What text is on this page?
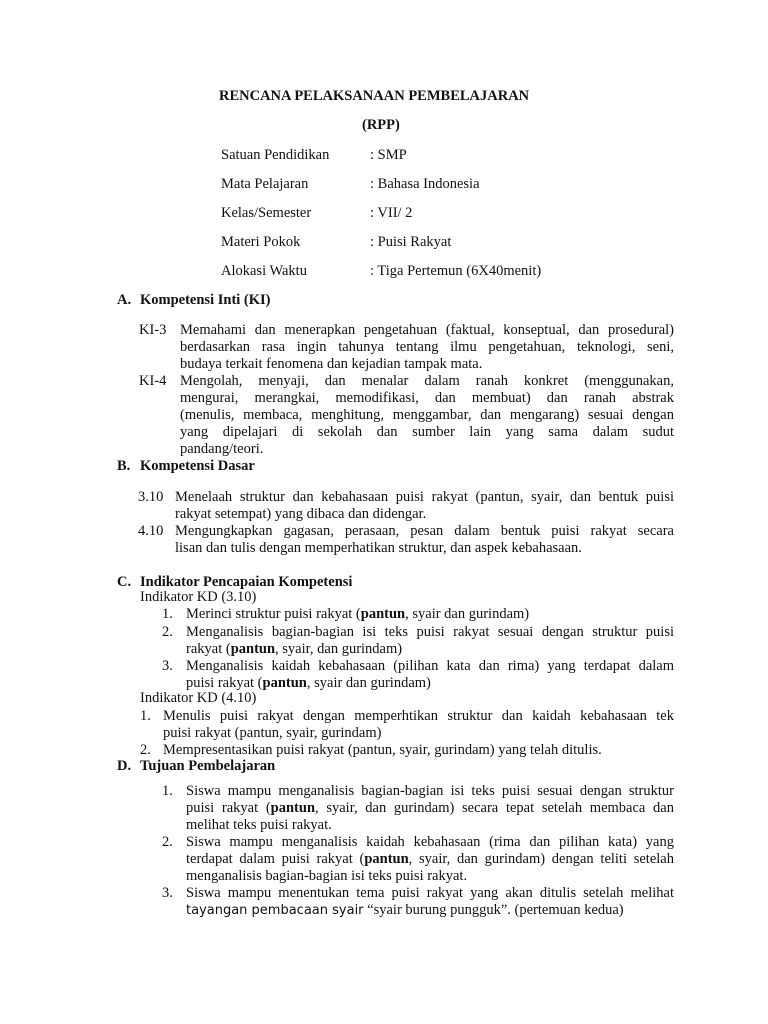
RENCANA PELAKSANAAN PEMBELAJARAN
(RPP)
Satuan Pendidikan	: SMP
Mata Pelajaran	: Bahasa Indonesia
Kelas/Semester	: VII/ 2
Materi Pokok	: Puisi Rakyat
Alokasi Waktu	: Tiga Pertemun (6X40menit)
A. Kompetensi Inti (KI)
KI-3 Memahami dan menerapkan pengetahuan (faktual, konseptual, dan prosedural)
berdasarkan rasa ingin tahunya tentang ilmu pengetahuan, teknologi, seni,
budaya terkait fenomena dan kejadian tampak mata.
KI-4 Mengolah, menyaji, dan menalar dalam ranah konkret (menggunakan,
mengurai, merangkai, memodifikasi, dan membuat) dan ranah abstrak
(menulis, membaca, menghitung, menggambar, dan mengarang) sesuai dengan
yang dipelajari di sekolah dan sumber lain yang sama dalam sudut
pandang/teori.
B. Kompetensi Dasar
3.10 Menelaah struktur dan kebahasaan puisi rakyat (pantun, syair, dan bentuk puisi
rakyat setempat) yang dibaca dan didengar.
4.10 Mengungkapkan gagasan, perasaan, pesan dalam bentuk puisi rakyat secara
lisan dan tulis dengan memperhatikan struktur, dan aspek kebahasaan.
C. Indikator Pencapaian Kompetensi
Indikator KD (3.10)
1. Merinci struktur puisi rakyat (pantun, syair dan gurindam)
2. Menganalisis bagian-bagian isi teks puisi rakyat sesuai dengan struktur puisi
rakyat (pantun, syair, dan gurindam)
3. Menganalisis kaidah kebahasaan (pilihan kata dan rima) yang terdapat dalam
puisi rakyat (pantun, syair dan gurindam)
Indikator KD (4.10)
1. Menulis puisi rakyat dengan memperhtikan struktur dan kaidah kebahasaan tek
puisi rakyat (pantun, syair, gurindam)
2. Mempresentasikan puisi rakyat (pantun, syair, gurindam) yang telah ditulis.
D. Tujuan Pembelajaran
1. Siswa mampu menganalisis bagian-bagian isi teks puisi sesuai dengan struktur
puisi rakyat (pantun, syair, dan gurindam) secara tepat setelah membaca dan
melihat teks puisi rakyat.
2. Siswa mampu menganalisis kaidah kebahasaan (rima dan pilihan kata) yang
terdapat dalam puisi rakyat (pantun, syair, dan gurindam) dengan teliti setelah
menganalisis bagian-bagian isi teks puisi rakyat.
3. Siswa mampu menentukan tema puisi rakyat yang akan ditulis setelah melihat
tayangan pembacaan syair “syair burung pungguk”. (pertemuan kedua)
